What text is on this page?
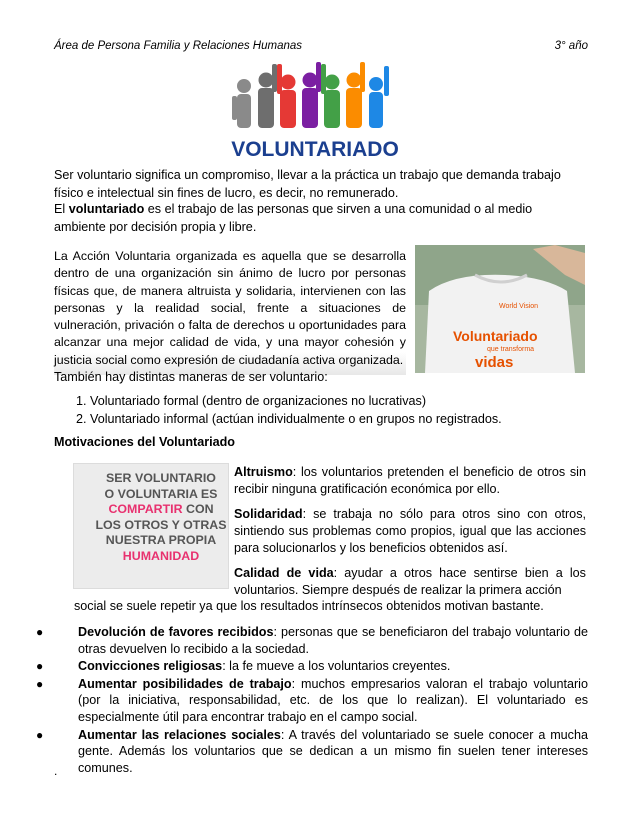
Área de Persona Familia y Relaciones Humanas	3° año
VOLUNTARIADO
Ser voluntario significa un compromiso, llevar a la práctica un trabajo que demanda trabajo físico e intelectual sin fines de lucro, es decir, no remunerado.
El voluntariado es el trabajo de las personas que sirven a una comunidad o al medio ambiente por decisión propia y libre.
La Acción Voluntaria organizada es aquella que se desarrolla dentro de una organización sin ánimo de lucro por personas físicas que, de manera altruista y solidaria, intervienen con las personas y la realidad social, frente a situaciones de vulneración, privación o falta de derechos u oportunidades para alcanzar una mejor calidad de vida, y una mayor cohesión y justicia social como expresión de ciudadanía activa organizada.
World Vision
Voluntariado
que transforma
vidas
También hay distintas maneras de ser voluntario:
1. Voluntariado formal (dentro de organizaciones no lucrativas)
2. Voluntariado informal (actúan individualmente o en grupos no registrados.
Motivaciones del Voluntariado
SER VOLUNTARIO
O VOLUNTARIA ES
COMPARTIR CON
LOS OTROS Y OTRAS
NUESTRA PROPIA
HUMANIDAD
Altruismo: los voluntarios pretenden el beneficio de otros sin recibir ninguna gratificación económica por ello.
Solidaridad: se trabaja no sólo para otros sino con otros, sintiendo sus problemas como propios, igual que las acciones para solucionarlos y los beneficios obtenidos así.
Calidad de vida: ayudar a otros hace sentirse bien a los voluntarios. Siempre después de realizar la primera acción
social se suele repetir ya que los resultados intrínsecos obtenidos motivan bastante.
●	Devolución de favores recibidos: personas que se beneficiaron del trabajo voluntario de otras devuelven lo recibido a la sociedad.
●	Convicciones religiosas: la fe mueve a los voluntarios creyentes.
●	Aumentar posibilidades de trabajo: muchos empresarios valoran el trabajo voluntario (por la iniciativa, responsabilidad, etc. de los que lo realizan). El voluntariado es especialmente útil para encontrar trabajo en el campo social.
●	Aumentar las relaciones sociales: A través del voluntariado se suele conocer a mucha gente. Además los voluntarios que se dedican a un mismo fin suelen tener intereses comunes.
.
